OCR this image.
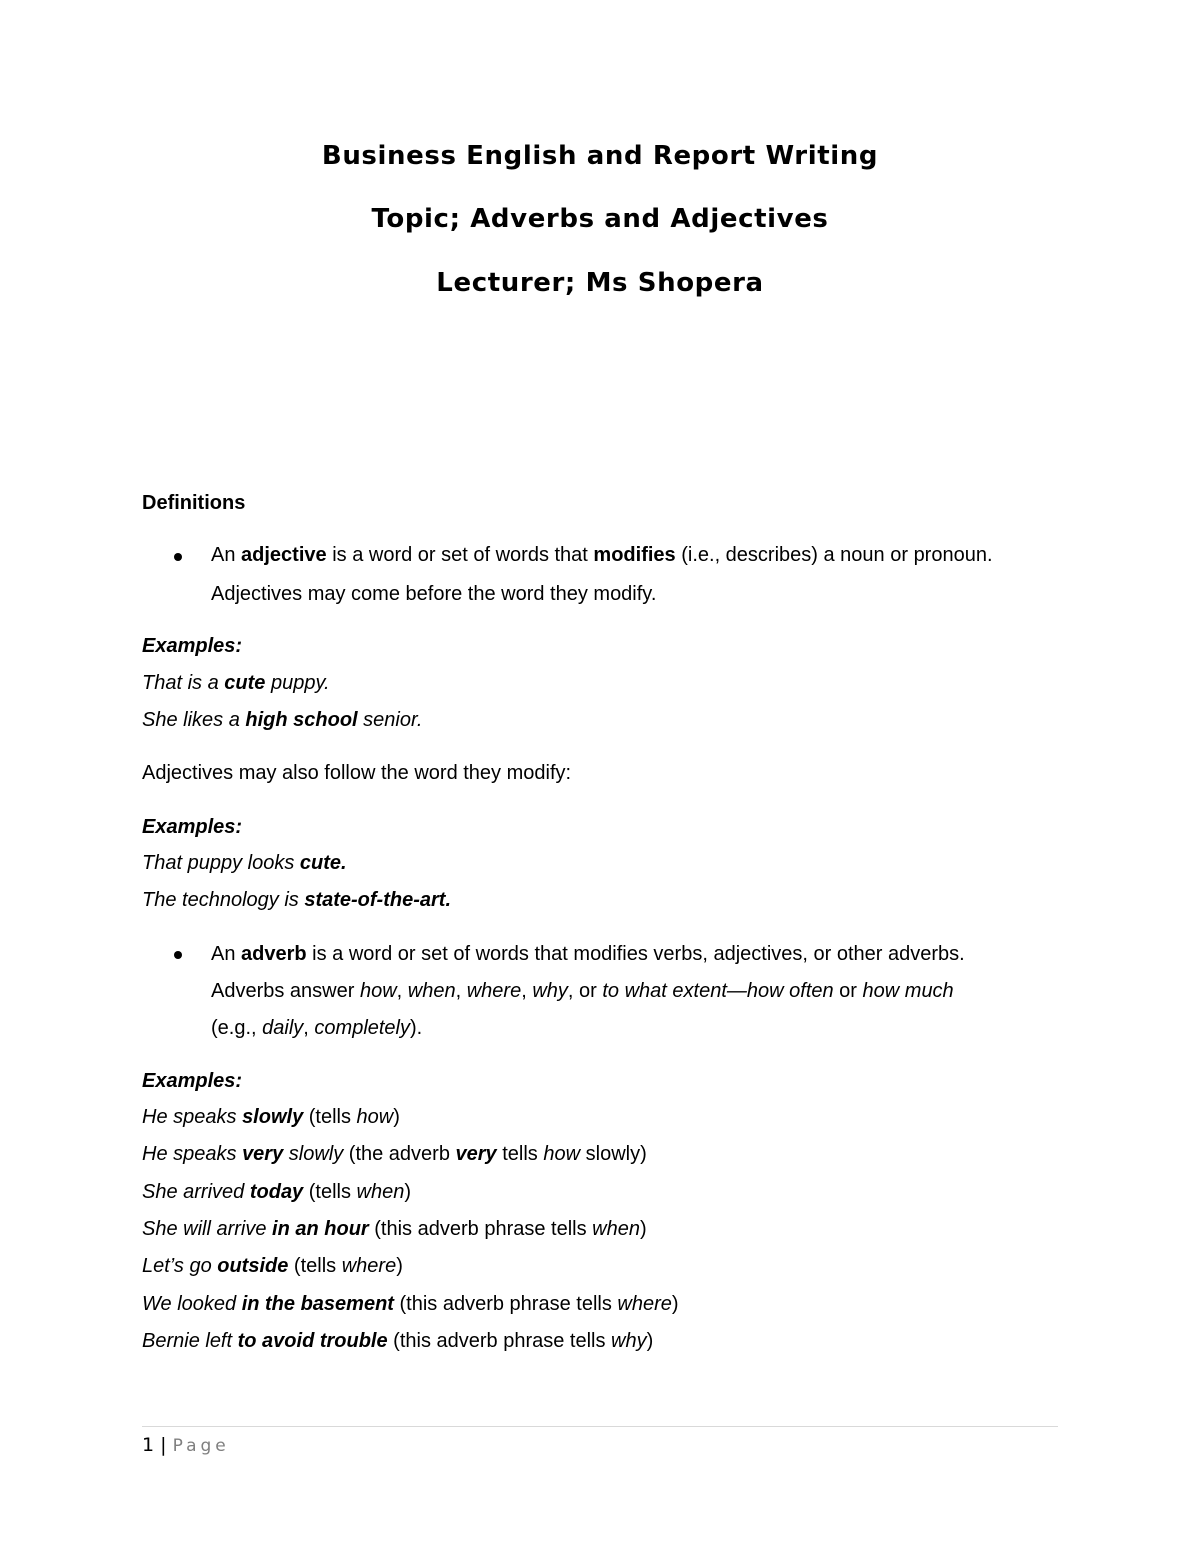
Business English and Report Writing
Topic; Adverbs and Adjectives
Lecturer; Ms Shopera
Definitions
An adjective is a word or set of words that modifies (i.e., describes) a noun or pronoun.
Adjectives may come before the word they modify.
Examples:
That is a cute puppy.
She likes a high school senior.
Adjectives may also follow the word they modify:
Examples:
That puppy looks cute.
The technology is state-of-the-art.
An adverb is a word or set of words that modifies verbs, adjectives, or other adverbs.
Adverbs answer how, when, where, why, or to what extent—how often or how much
(e.g., daily, completely).
Examples:
He speaks slowly (tells how)
He speaks very slowly (the adverb very tells how slowly)
She arrived today (tells when)
She will arrive in an hour (this adverb phrase tells when)
Let’s go outside (tells where)
We looked in the basement (this adverb phrase tells where)
Bernie left to avoid trouble (this adverb phrase tells why)
1 | Page
